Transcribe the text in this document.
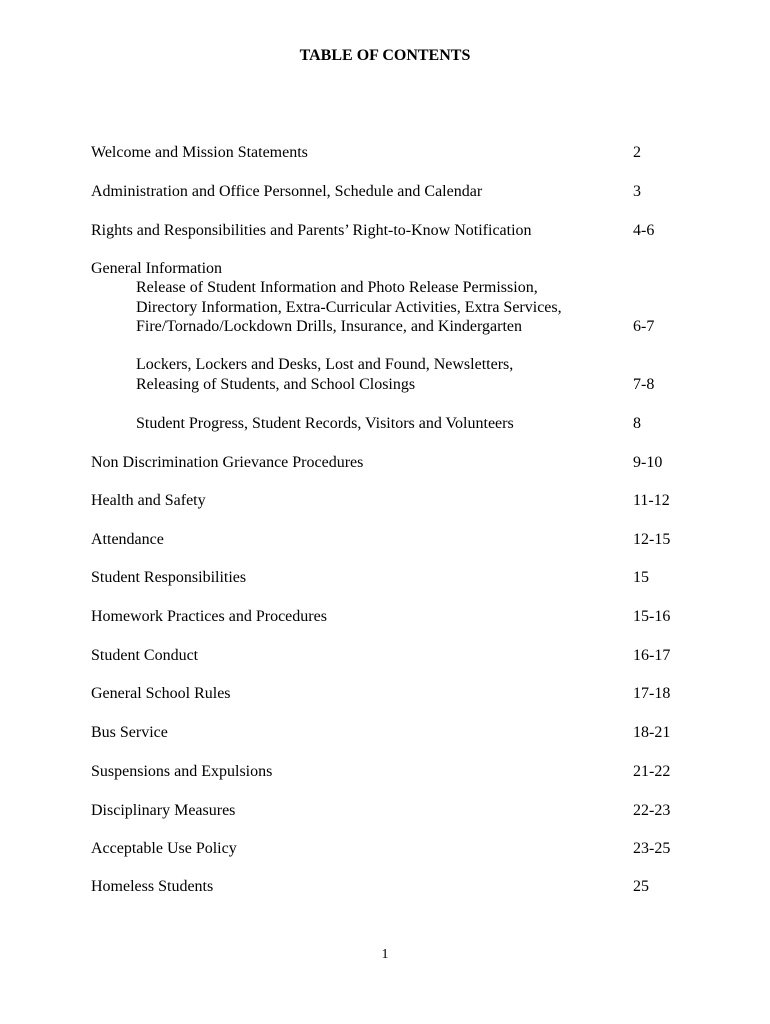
TABLE OF CONTENTS
Welcome and Mission Statements	2
Administration and Office Personnel, Schedule and Calendar	3
Rights and Responsibilities and Parents’ Right-to-Know Notification	4-6
General Information
Release of Student Information and Photo Release Permission,
Directory Information, Extra-Curricular Activities, Extra Services,
Fire/Tornado/Lockdown Drills, Insurance, and Kindergarten	6-7
Lockers, Lockers and Desks, Lost and Found, Newsletters,
Releasing of Students, and School Closings	7-8
Student Progress, Student Records, Visitors and Volunteers	8
Non Discrimination Grievance Procedures	9-10
Health and Safety	11-12
Attendance	12-15
Student Responsibilities	15
Homework Practices and Procedures	15-16
Student Conduct	16-17
General School Rules	17-18
Bus Service	18-21
Suspensions and Expulsions	21-22
Disciplinary Measures	22-23
Acceptable Use Policy	23-25
Homeless Students	25
1
